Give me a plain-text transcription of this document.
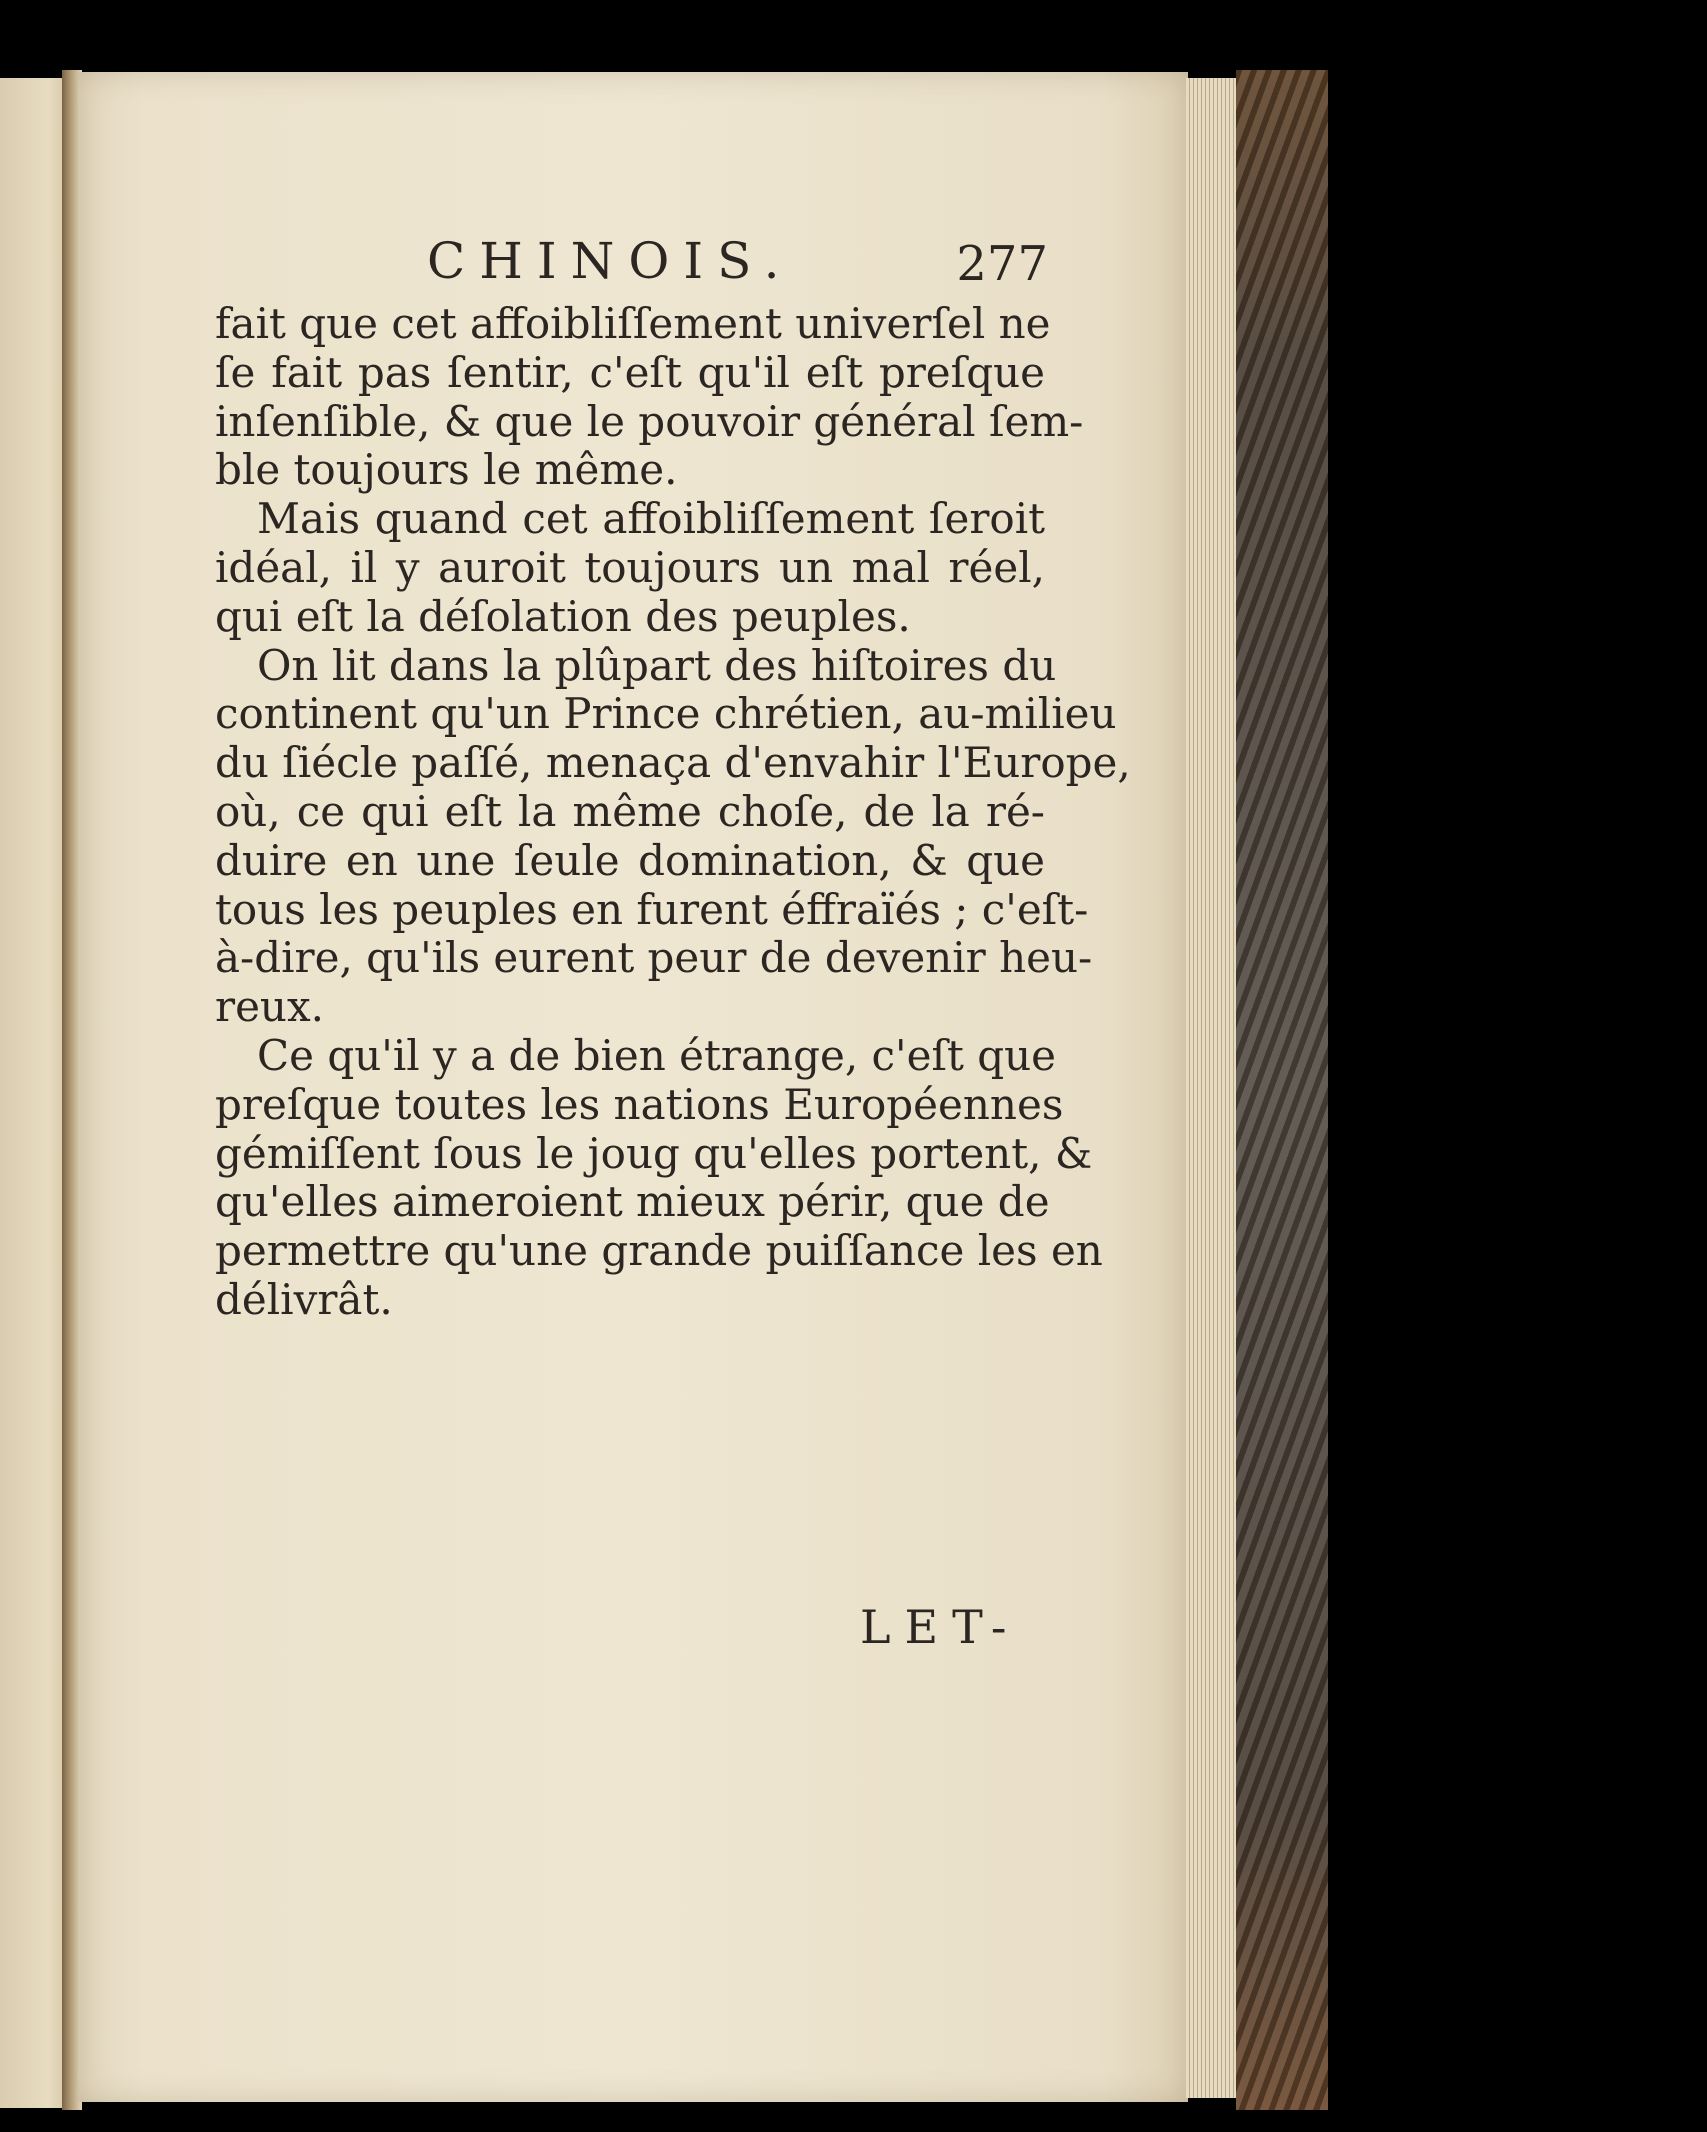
CHINOIS.	277

fait que cet affoibliſſement univerſel ne
ſe fait pas ſentir, c'eſt qu'il eſt preſque
inſenſible, & que le pouvoir général ſem-
ble toujours le même.

Mais quand cet affoibliſſement ſeroit
idéal, il y auroit toujours un mal réel,
qui eſt la déſolation des peuples.

On lit dans la plûpart des hiſtoires du
continent qu'un Prince chrétien, au-milieu
du ſiécle paſſé, menaça d'envahir l'Europe,
où, ce qui eſt la même choſe, de la ré-
duire en une ſeule domination, & que
tous les peuples en furent éffraïés ; c'eſt-
à-dire, qu'ils eurent peur de devenir heu-
reux.

Ce qu'il y a de bien étrange, c'eſt que
preſque toutes les nations Européennes
gémiſſent ſous le joug qu'elles portent, &
qu'elles aimeroient mieux périr, que de
permettre qu'une grande puiſſance les en
délivrât.

LET-
